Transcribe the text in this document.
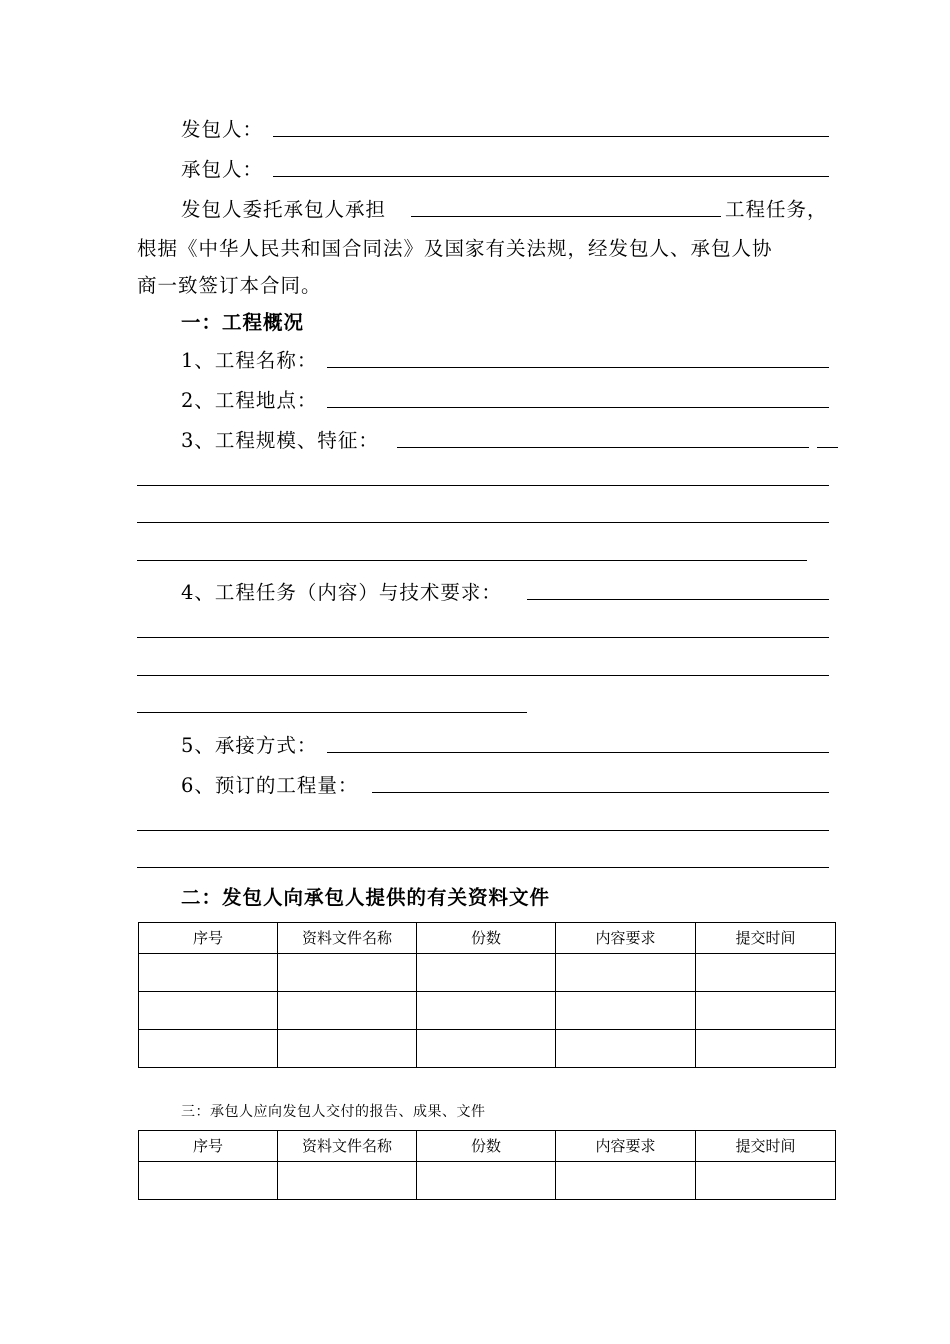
发包人：
承包人：
发包人委托承包人承担	工程任务，
根据《中华人民共和国合同法》及国家有关法规，经发包人、承包人协
商一致签订本合同。
一：工程概况
1、工程名称：
2、工程地点：
3、工程规模、特征：
4、工程任务（内容）与技术要求：
5、承接方式：
6、预订的工程量：
二：发包人向承包人提供的有关资料文件
序号	资料文件名称	份数	内容要求	提交时间

三：承包人应向发包人交付的报告、成果、文件
序号	资料文件名称	份数	内容要求	提交时间
